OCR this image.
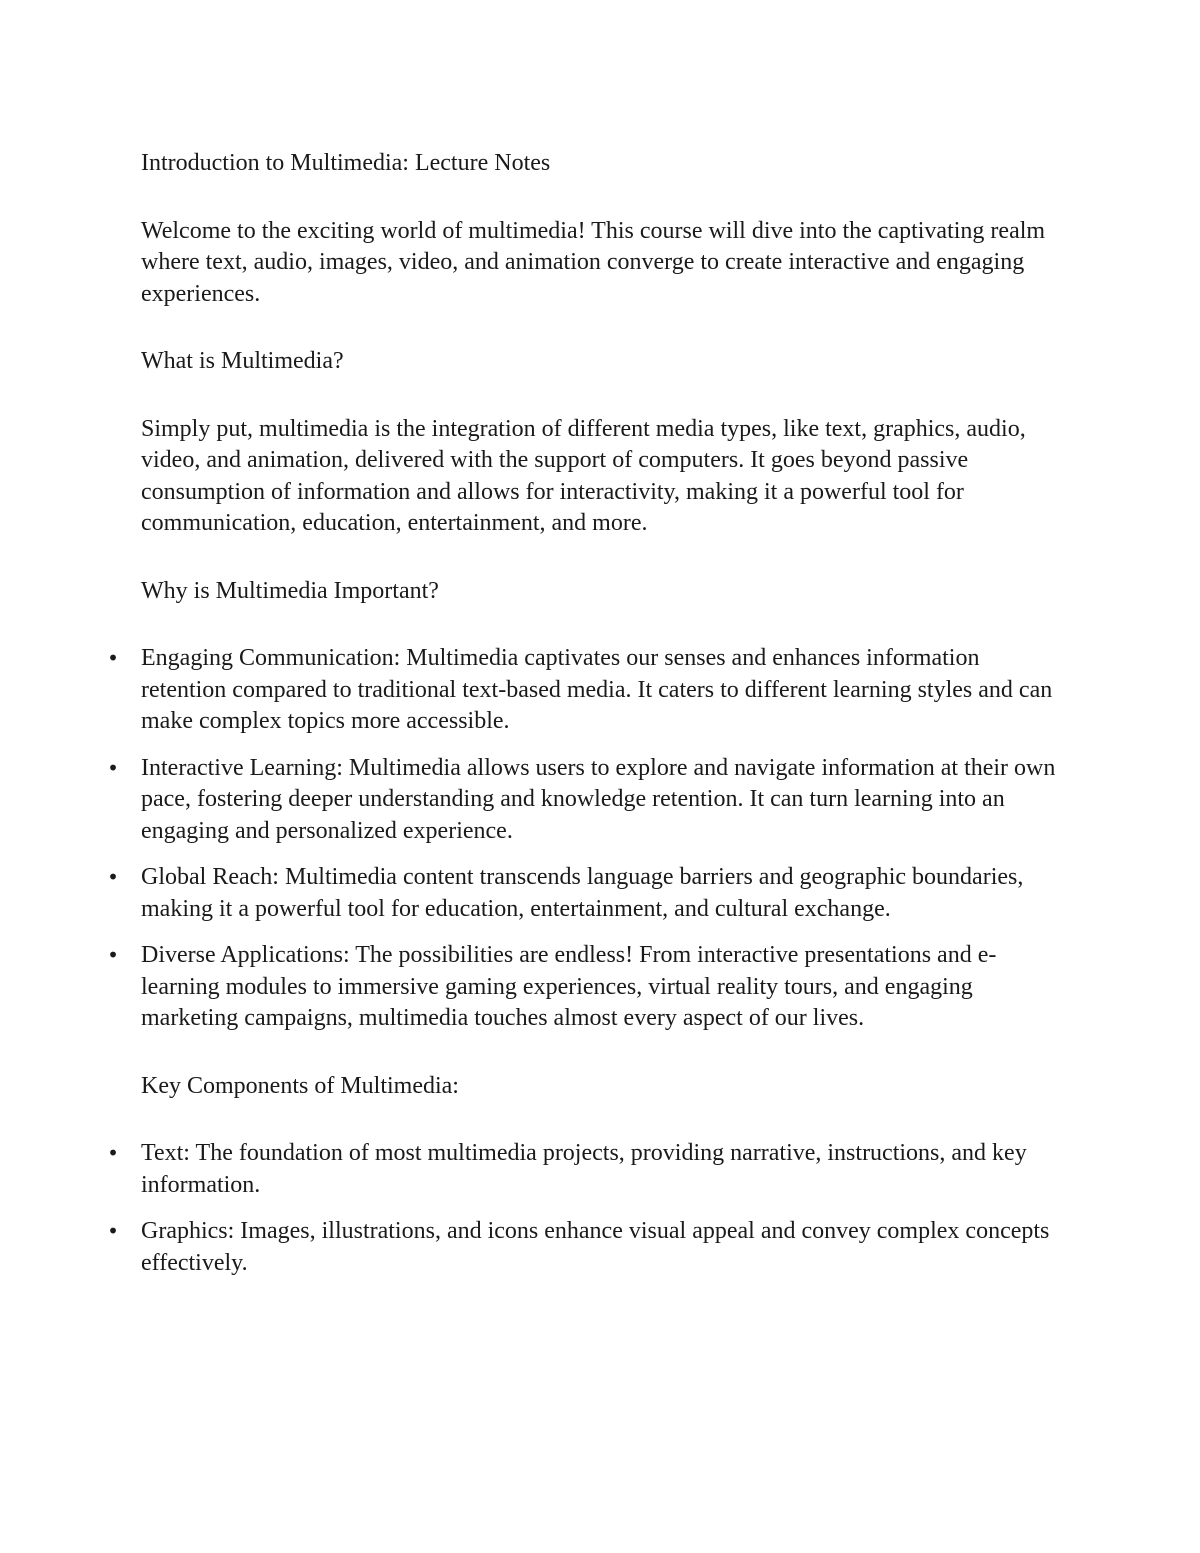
Introduction to Multimedia: Lecture Notes

Welcome to the exciting world of multimedia! This course will dive into the captivating realm where text, audio, images, video, and animation converge to create interactive and engaging experiences.

What is Multimedia?

Simply put, multimedia is the integration of different media types, like text, graphics, audio, video, and animation, delivered with the support of computers. It goes beyond passive consumption of information and allows for interactivity, making it a powerful tool for communication, education, entertainment, and more.

Why is Multimedia Important?

• Engaging Communication: Multimedia captivates our senses and enhances information retention compared to traditional text-based media. It caters to different learning styles and can make complex topics more accessible.
• Interactive Learning: Multimedia allows users to explore and navigate information at their own pace, fostering deeper understanding and knowledge retention. It can turn learning into an engaging and personalized experience.
• Global Reach: Multimedia content transcends language barriers and geographic boundaries, making it a powerful tool for education, entertainment, and cultural exchange.
• Diverse Applications: The possibilities are endless! From interactive presentations and e-learning modules to immersive gaming experiences, virtual reality tours, and engaging marketing campaigns, multimedia touches almost every aspect of our lives.

Key Components of Multimedia:

• Text: The foundation of most multimedia projects, providing narrative, instructions, and key information.
• Graphics: Images, illustrations, and icons enhance visual appeal and convey complex concepts effectively.
